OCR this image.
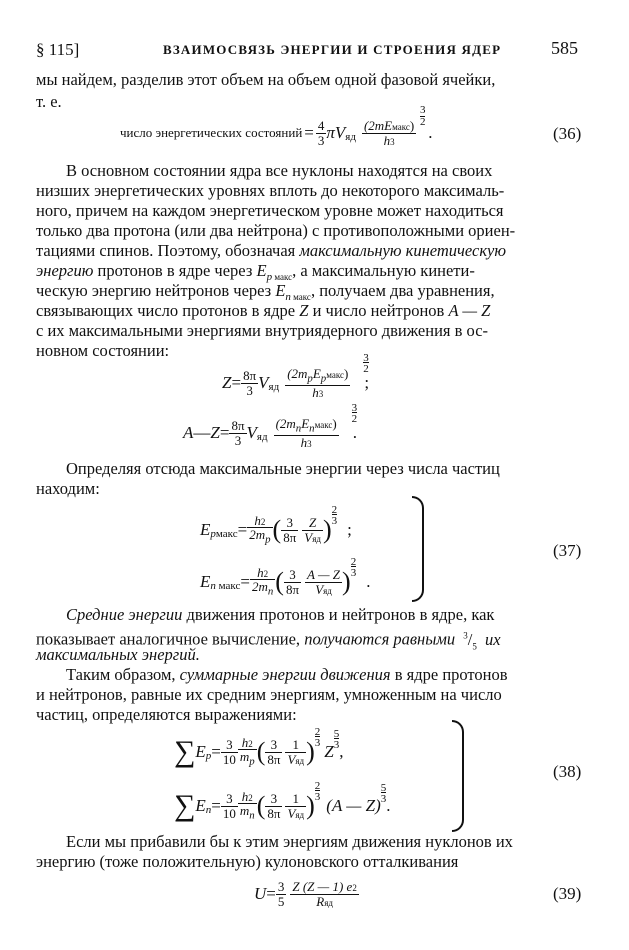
§ 115]	ВЗАИМОСВЯЗЬ ЭНЕРГИИ И СТРОЕНИЯ ЯДЕР	585
мы найдем, разделив этот объем на объем одной фазовой ячейки,
т. е.
число энергетических состояний = $\frac{4}{3}$ πV яд $\frac{\text{(2mEмакс)}}{h3}$
3
2
.	(36)
В основном состоянии ядра все нуклоны находятся на своих
низших энергетических уровнях вплоть до некоторого максималь-
ного, причем на каждом энергетическом уровне может находиться
только два протона (или два нейтрона) с противоположными ориен-
тациями спинов. Поэтому, обозначая максимальную кинетическую
энергию протонов в ядре через $E_p$ $_{макс}$, а максимальную кинети-
ческую энергию нейтронов через $E_n$ $_{макс}$, получаем два уравнения,
связывающих число протонов в ядре Z и число нейтронов A — Z
с их максимальными энергиями внутриядерного движения в ос-
новном состоянии:
$Z = \frac{8\pi}{3}$ V яд $\frac{(2m_pE_pмакс)}{h3}$
3
2
;
A — $Z = \frac{8\pi}{3}$ V яд $\frac{(2m_nE_nмакс)}{h3}$
3
2
.
Определяя отсюда максимальные энергии через числа частиц
находим:
E pмакс = $\frac{h2}{2m_p}$ ( $\frac{3}{8\pi} \frac{Z}{\text{Vяд}}$ )
2
3 ;
E n макс = $\frac{h2}{2m_n}$ ( $\frac{3}{8\pi} \frac{A — Z}{\text{Vяд}}$ )
2
3 .
(37)
Средние энергии движения протонов и нейтронов в ядре, как
показывает аналогичное вычисление, получаются равными $^3/_5$ их
максимальных энергий.
Таким образом, суммарные энергии движения в ядре протонов
и нейтронов, равные их средним энергиям, умноженным на число
частиц, определяются выражениями:
∑ E $p = \frac{3}{10} \frac{h2}{m_p}$ ( $\frac{3}{8\pi} \frac{1}{\text{Vяд}}$ )
2
3 Z
5
3 ,
∑ E $n = \frac{3}{10} \frac{h2}{m_n}$ ( $\frac{3}{8\pi} \frac{1}{\text{Vяд}}$ )
2
3 (A — Z)
5
3 .
(38)
Если мы прибавили бы к этим энергиям движения нуклонов их
энергию (тоже положительную) кулоновского отталкивания
$U = \frac{3}{5} \frac{Z (Z — 1) e2}{\text{Rяд}}$	(39)
